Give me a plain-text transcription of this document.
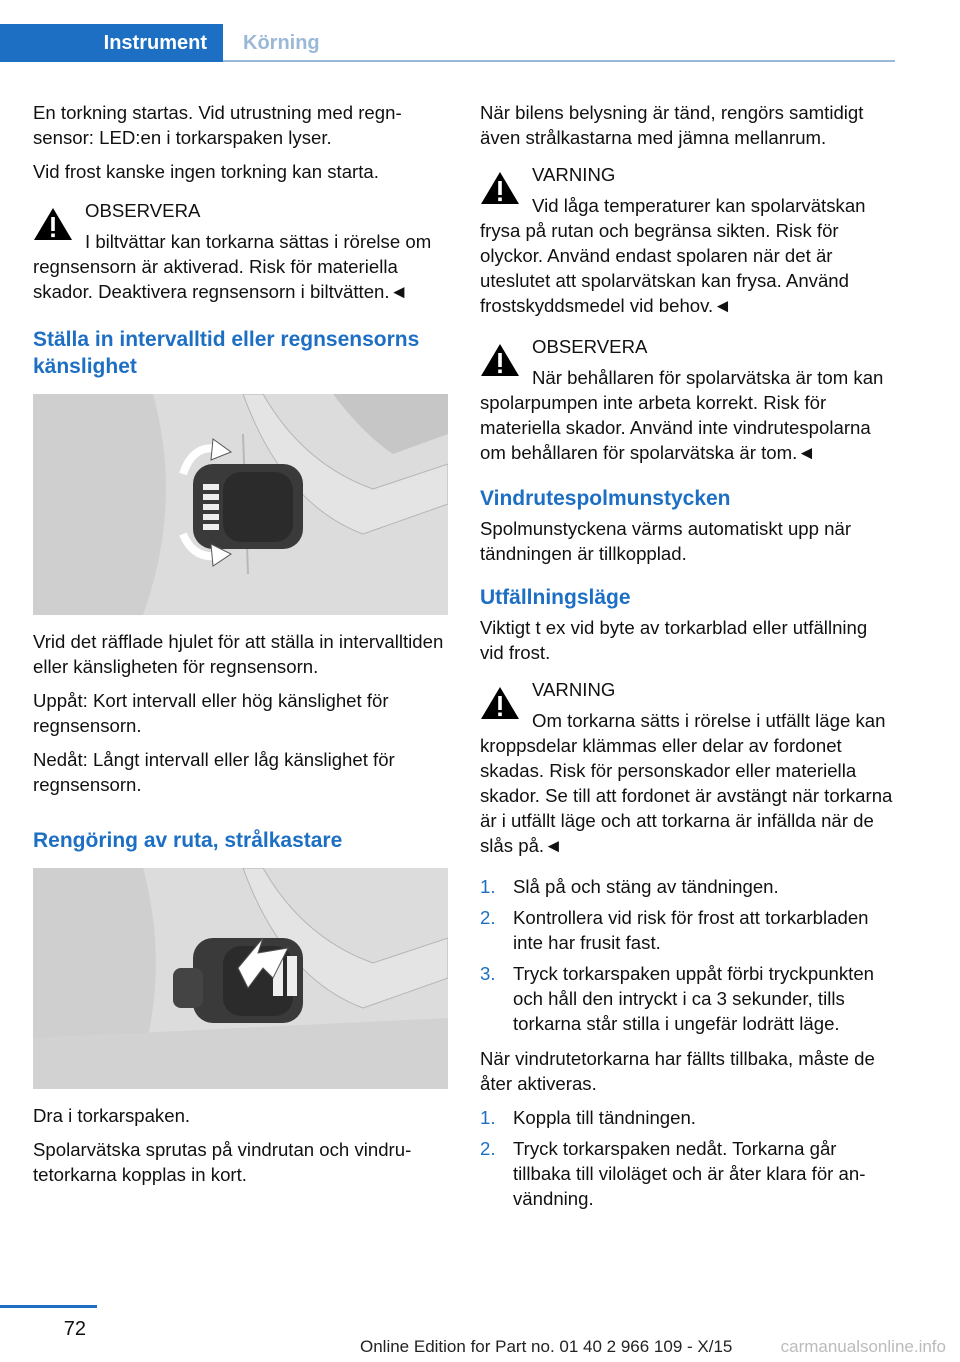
Instrument	Körning

En torkning startas. Vid utrustning med regnsensor: LED:en i torkarspaken lyser.

Vid frost kanske ingen torkning kan starta.

OBSERVERA

I biltvättar kan torkarna sättas i rörelse om regnsensorn är aktiverad. Risk för materiella skador. Deaktivera regnsensorn i biltvätten.◄

Ställa in intervalltid eller regnsensorns känslighet

Vrid det räfflade hjulet för att ställa in intervalltiden eller känsligheten för regnsensorn.

Uppåt: Kort intervall eller hög känslighet för regnsensorn.

Nedåt: Långt intervall eller låg känslighet för regnsensorn.

Rengöring av ruta, strålkastare

Dra i torkarspaken.

Spolarvätska sprutas på vindrutan och vindrutetorkarna kopplas in kort.

När bilens belysning är tänd, rengörs samtidigt även strålkastarna med jämna mellanrum.

VARNING

Vid låga temperaturer kan spolarvätskan frysa på rutan och begränsa sikten. Risk för olyckor. Använd endast spolaren när det är uteslutet att spolarvätskan kan frysa. Använd frostskyddsmedel vid behov.◄

OBSERVERA

När behållaren för spolarvätska är tom kan spolarpumpen inte arbeta korrekt. Risk för materiella skador. Använd inte vindrutespolarna om behållaren för spolarvätska är tom.◄

Vindrutespolmunstycken

Spolmunstyckena värms automatiskt upp när tändningen är tillkopplad.

Utfällningsläge

Viktigt t ex vid byte av torkarblad eller utfällning vid frost.

VARNING

Om torkarna sätts i rörelse i utfällt läge kan kroppsdelar klämmas eller delar av fordonet skadas. Risk för personskador eller materiella skador. Se till att fordonet är avstängt när torkarna är i utfällt läge och att torkarna är infällda när de slås på.◄

1. Slå på och stäng av tändningen.
2. Kontrollera vid risk för frost att torkarbladen inte har frusit fast.
3. Tryck torkarspaken uppåt förbi tryckpunkten och håll den intryckt i ca 3 sekunder, tills torkarna står stilla i ungefär lodrätt läge.

När vindrutetorkarna har fällts tillbaka, måste de åter aktiveras.

1. Koppla till tändningen.
2. Tryck torkarspaken nedåt. Torkarna går tillbaka till viloläget och är åter klara för användning.
72
Online Edition for Part no. 01 40 2 966 109 - X/15	carmanualsonline.info
